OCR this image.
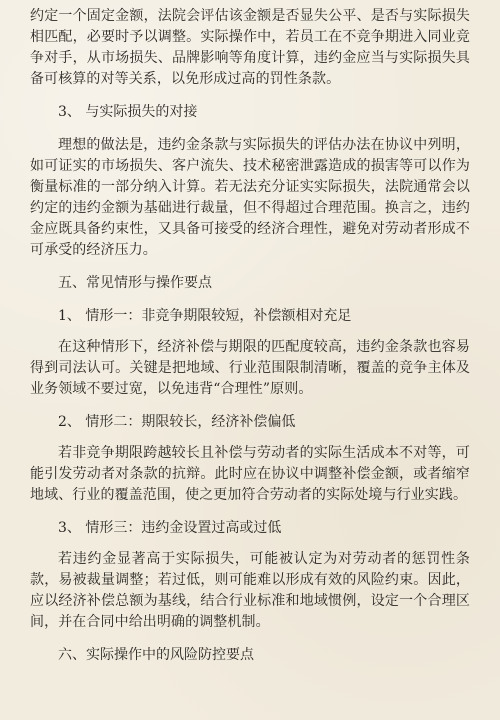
约定一个固定金额，法院会评估该金额是否显失公平、是否与实际损失相匹配，必要时予以调整。实际操作中，若员工在不竞争期进入同业竞争对手，从市场损失、品牌影响等角度计算，违约金应当与实际损失具备可核算的对等关系，以免形成过高的罚性条款。

3、 与实际损失的对接

理想的做法是，违约金条款与实际损失的评估办法在协议中列明，如可证实的市场损失、客户流失、技术秘密泄露造成的损害等可以作为衡量标准的一部分纳入计算。若无法充分证实实际损失，法院通常会以约定的违约金额为基础进行裁量，但不得超过合理范围。换言之，违约金应既具备约束性，又具备可接受的经济合理性，避免对劳动者形成不可承受的经济压力。

五、常见情形与操作要点

1、 情形一：非竞争期限较短，补偿额相对充足

在这种情形下，经济补偿与期限的匹配度较高，违约金条款也容易得到司法认可。关键是把地域、行业范围限制清晰，覆盖的竞争主体及业务领域不要过宽，以免违背“合理性”原则。

2、 情形二：期限较长，经济补偿偏低

若非竞争期限跨越较长且补偿与劳动者的实际生活成本不对等，可能引发劳动者对条款的抗辩。此时应在协议中调整补偿金额，或者缩窄地域、行业的覆盖范围，使之更加符合劳动者的实际处境与行业实践。

3、 情形三：违约金设置过高或过低

若违约金显著高于实际损失，可能被认定为对劳动者的惩罚性条款，易被裁量调整；若过低，则可能难以形成有效的风险约束。因此，应以经济补偿总额为基线，结合行业标准和地域惯例，设定一个合理区间，并在合同中给出明确的调整机制。

六、实际操作中的风险防控要点
